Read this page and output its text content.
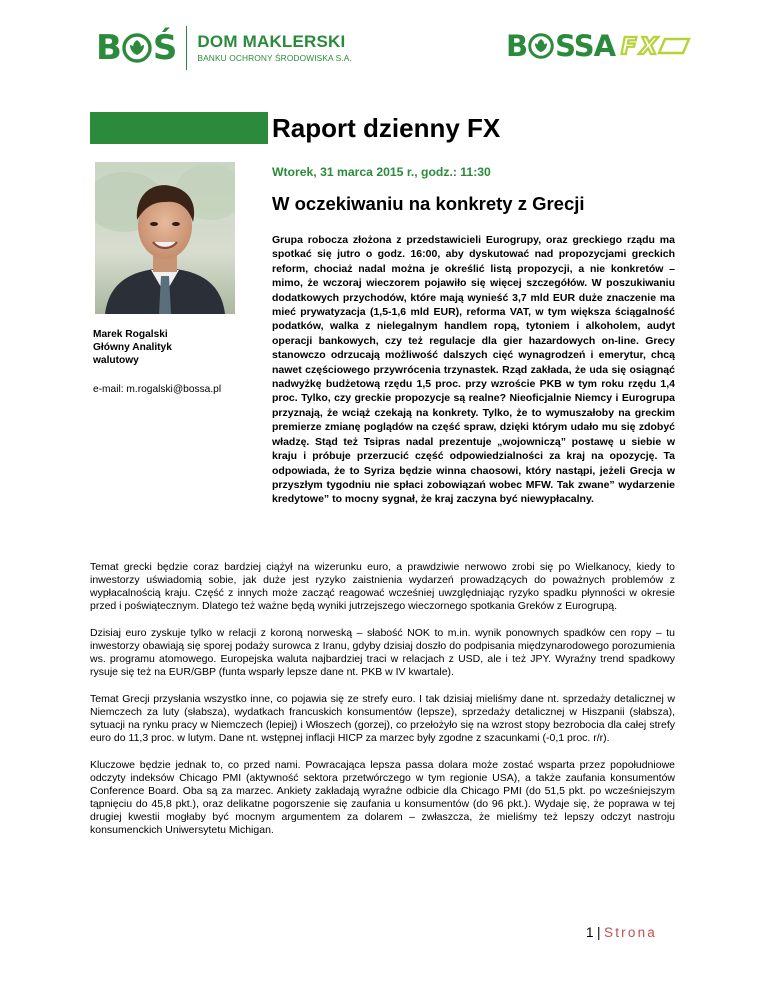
B Ś DOM MAKLERSKI
BANKU OCHRONY ŚRODOWISKA S.A.	B SSA FX
Raport dzienny FX
Wtorek, 31 marca 2015 r., godz.: 11:30
W oczekiwaniu na konkrety z Grecji
Marek Rogalski
Główny Analityk
walutowy
e-mail: m.rogalski@bossa.pl

Grupa robocza złożona z przedstawicieli Eurogrupy, oraz greckiego rządu ma spotkać się jutro o godz. 16:00, aby dyskutować nad propozycjami greckich reform, chociaż nadal można je określić listą propozycji, a nie konkretów – mimo, że wczoraj wieczorem pojawiło się więcej szczegółów. W poszukiwaniu dodatkowych przychodów, które mają wynieść 3,7 mld EUR duże znaczenie ma mieć prywatyzacja (1,5-1,6 mld EUR), reforma VAT, w tym większa ściągalność podatków, walka z nielegalnym handlem ropą, tytoniem i alkoholem, audyt operacji bankowych, czy też regulacje dla gier hazardowych on-line. Grecy stanowczo odrzucają możliwość dalszych cięć wynagrodzeń i emerytur, chcą nawet częściowego przywrócenia trzynastek. Rząd zakłada, że uda się osiągnąć nadwyżkę budżetową rzędu 1,5 proc. przy wzroście PKB w tym roku rzędu 1,4 proc. Tylko, czy greckie propozycje są realne? Nieoficjalnie Niemcy i Eurogrupa przyznają, że wciąż czekają na konkrety. Tylko, że to wymuszałoby na greckim premierze zmianę poglądów na część spraw, dzięki którym udało mu się zdobyć władzę. Stąd też Tsipras nadal prezentuje „wojowniczą” postawę u siebie w kraju i próbuje przerzucić część odpowiedzialności za kraj na opozycję. Ta odpowiada, że to Syriza będzie winna chaosowi, który nastąpi, jeżeli Grecja w przyszłym tygodniu nie spłaci zobowiązań wobec MFW. Tak zwane” wydarzenie kredytowe” to mocny sygnał, że kraj zaczyna być niewypłacalny.

Temat grecki będzie coraz bardziej ciążył na wizerunku euro, a prawdziwie nerwowo zrobi się po Wielkanocy, kiedy to inwestorzy uświadomią sobie, jak duże jest ryzyko zaistnienia wydarzeń prowadzących do poważnych problemów z wypłacalnością kraju. Część z innych może zacząć reagować wcześniej uwzględniając ryzyko spadku płynności w okresie przed i poświątecznym. Dlatego też ważne będą wyniki jutrzejszego wieczornego spotkania Greków z Eurogrupą.

Dzisiaj euro zyskuje tylko w relacji z koroną norweską – słabość NOK to m.in. wynik ponownych spadków cen ropy – tu inwestorzy obawiają się sporej podaży surowca z Iranu, gdyby dzisiaj doszło do podpisania międzynarodowego porozumienia ws. programu atomowego. Europejska waluta najbardziej traci w relacjach z USD, ale i też JPY. Wyraźny trend spadkowy rysuje się też na EUR/GBP (funta wsparły lepsze dane nt. PKB w IV kwartale).

Temat Grecji przysłania wszystko inne, co pojawia się ze strefy euro. I tak dzisiaj mieliśmy dane nt. sprzedaży detalicznej w Niemczech za luty (słabsza), wydatkach francuskich konsumentów (lepsze), sprzedaży detalicznej w Hiszpanii (słabsza), sytuacji na rynku pracy w Niemczech (lepiej) i Włoszech (gorzej), co przełożyło się na wzrost stopy bezrobocia dla całej strefy euro do 11,3 proc. w lutym. Dane nt. wstępnej inflacji HICP za marzec były zgodne z szacunkami (-0,1 proc. r/r).

Kluczowe będzie jednak to, co przed nami. Powracająca lepsza passa dolara może zostać wsparta przez popołudniowe odczyty indeksów Chicago PMI (aktywność sektora przetwórczego w tym regionie USA), a także zaufania konsumentów Conference Board. Oba są za marzec. Ankiety zakładają wyraźne odbicie dla Chicago PMI (do 51,5 pkt. po wcześniejszym tąpnięciu do 45,8 pkt.), oraz delikatne pogorszenie się zaufania u konsumentów (do 96 pkt.). Wydaje się, że poprawa w tej drugiej kwestii mogłaby być mocnym argumentem za dolarem – zwłaszcza, że mieliśmy też lepszy odczyt nastroju konsumenckich Uniwersytetu Michigan.

1 | Strona
